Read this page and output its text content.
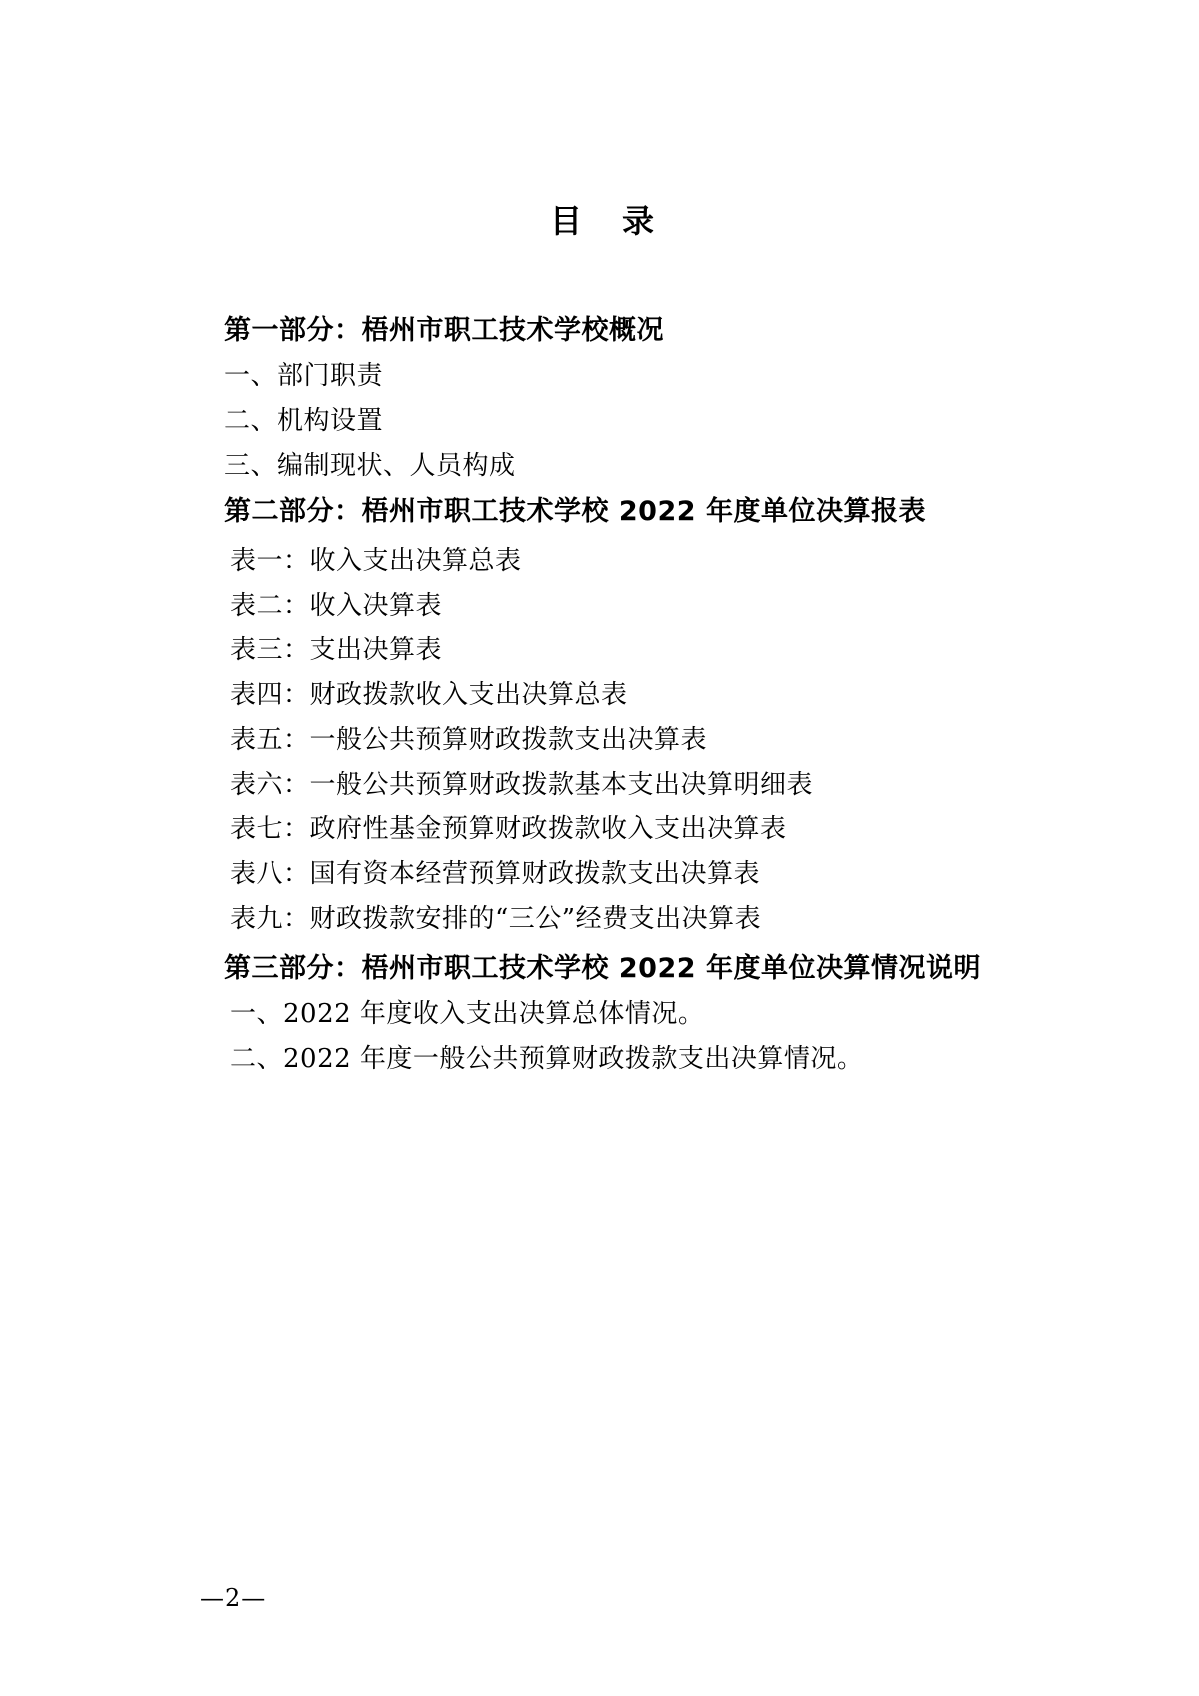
目 录
第一部分：梧州市职工技术学校概况
一、部门职责
二、机构设置
三、编制现状、人员构成
第二部分：梧州市职工技术学校 2022 年度单位决算报表
表一：收入支出决算总表
表二：收入决算表
表三：支出决算表
表四：财政拨款收入支出决算总表
表五：一般公共预算财政拨款支出决算表
表六：一般公共预算财政拨款基本支出决算明细表
表七：政府性基金预算财政拨款收入支出决算表
表八：国有资本经营预算财政拨款支出决算表
表九：财政拨款安排的“三公”经费支出决算表
第三部分：梧州市职工技术学校 2022 年度单位决算情况说明
一、2022 年度收入支出决算总体情况。
二、2022 年度一般公共预算财政拨款支出决算情况。
—2—
